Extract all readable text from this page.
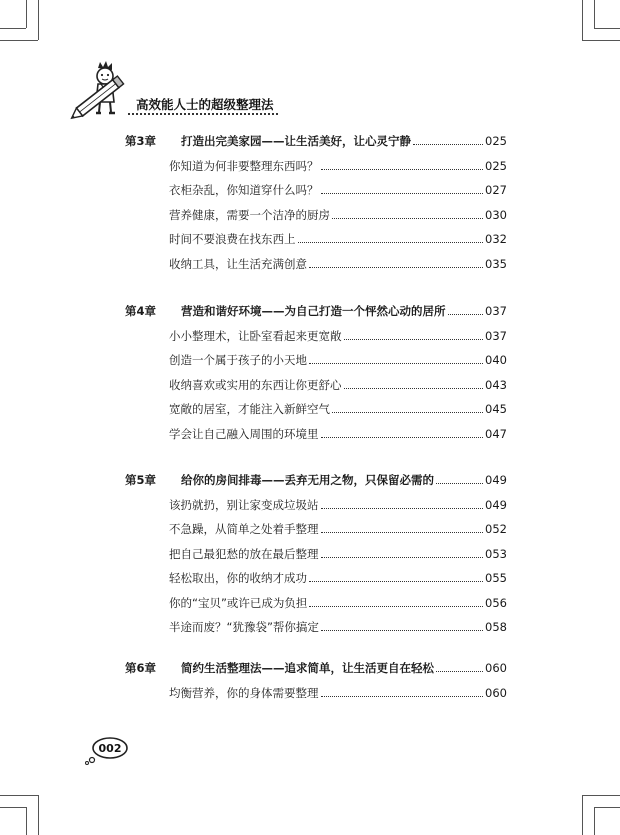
高效能人士的超级整理法
第3章	打造出完美家园——让生活美好，让心灵宁静	025
你知道为何非要整理东西吗？	025
衣柜杂乱，你知道穿什么吗？	027
营养健康，需要一个洁净的厨房	030
时间不要浪费在找东西上	032
收纳工具，让生活充满创意	035
第4章	营造和谐好环境——为自己打造一个怦然心动的居所	037
小小整理术，让卧室看起来更宽敞	037
创造一个属于孩子的小天地	040
收纳喜欢或实用的东西让你更舒心	043
宽敞的居室，才能注入新鲜空气	045
学会让自己融入周围的环境里	047
第5章	给你的房间排毒——丢弃无用之物，只保留必需的	049
该扔就扔，别让家变成垃圾站	049
不急躁，从简单之处着手整理	052
把自己最犯愁的放在最后整理	053
轻松取出，你的收纳才成功	055
你的“宝贝”或许已成为负担	056
半途而废？“犹豫袋”帮你搞定	058
第6章	简约生活整理法——追求简单，让生活更自在轻松	060
均衡营养，你的身体需要整理	060
002
